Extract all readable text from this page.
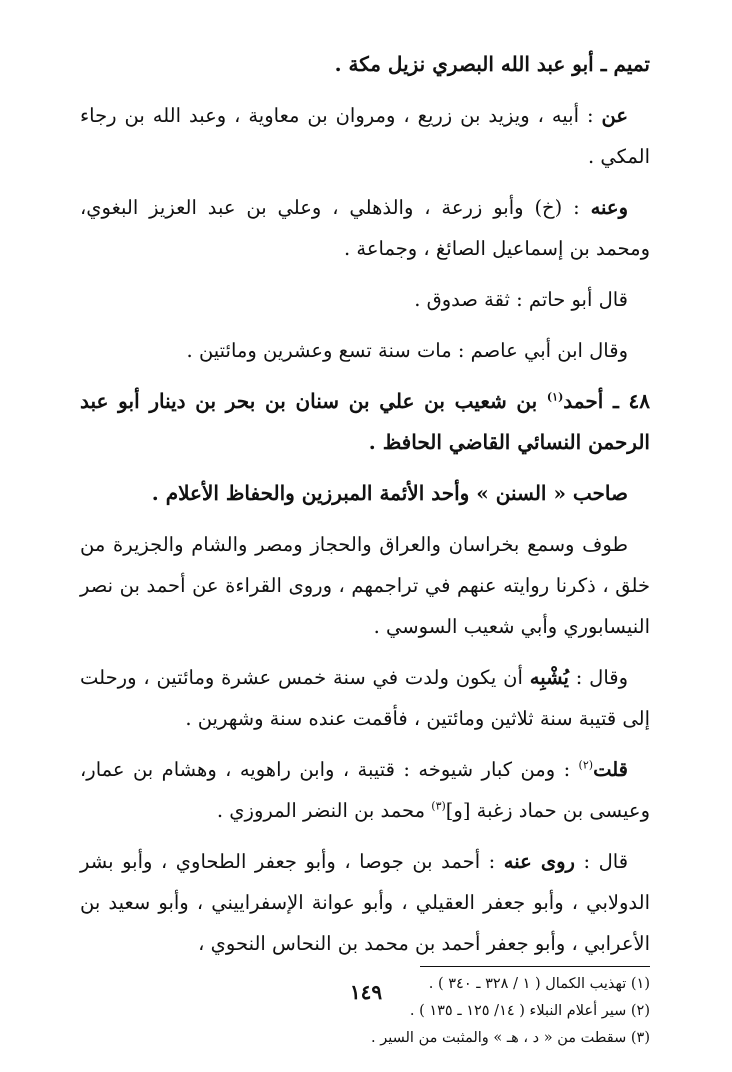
تميم ـ أبو عبد الله البصري نزيل مكة .

عن : أبيه ، ويزيد بن زريع ، ومروان بن معاوية ، وعبد الله بن رجاء المكي .

وعنه : (خ) وأبو زرعة ، والذهلي ، وعلي بن عبد العزيز البغوي، ومحمد بن إسماعيل الصائغ ، وجماعة .

قال أبو حاتم : ثقة صدوق .

وقال ابن أبي عاصم : مات سنة تسع وعشرين ومائتين .

٤٨ ـ أحمد$^{(١)}$ بن شعيب بن علي بن سنان بن بحر بن دينار أبو عبد الرحمن النسائي القاضي الحافظ .

صاحب « السنن » وأحد الأئمة المبرزين والحفاظ الأعلام .

طوف وسمع بخراسان والعراق والحجاز ومصر والشام والجزيرة من خلق ، ذكرنا روايته عنهم في تراجمهم ، وروى القراءة عن أحمد بن نصر النيسابوري وأبي شعيب السوسي .

وقال : يُشْبِه أن يكون ولدت في سنة خمس عشرة ومائتين ، ورحلت إلى قتيبة سنة ثلاثين ومائتين ، فأقمت عنده سنة وشهرين .

قلت$^{(٢)}$ : ومن كبار شيوخه : قتيبة ، وابن راهويه ، وهشام بن عمار، وعيسى بن حماد زغبة [و]$^{(٣)}$ محمد بن النضر المروزي .

قال : روى عنه : أحمد بن جوصا ، وأبو جعفر الطحاوي ، وأبو بشر الدولابي ، وأبو جعفر العقيلي ، وأبو عوانة الإسفراييني ، وأبو سعيد بن الأعرابي ، وأبو جعفر أحمد بن محمد بن النحاس النحوي ،

(١) تهذيب الكمال ( ١ / ٣٢٨ ـ ٣٤٠ ) .

(٢) سير أعلام النبلاء ( ١٤/ ١٢٥ ـ ١٣٥ ) .

(٣) سقطت من « د ، هـ » والمثبت من السير .

١٤٩
